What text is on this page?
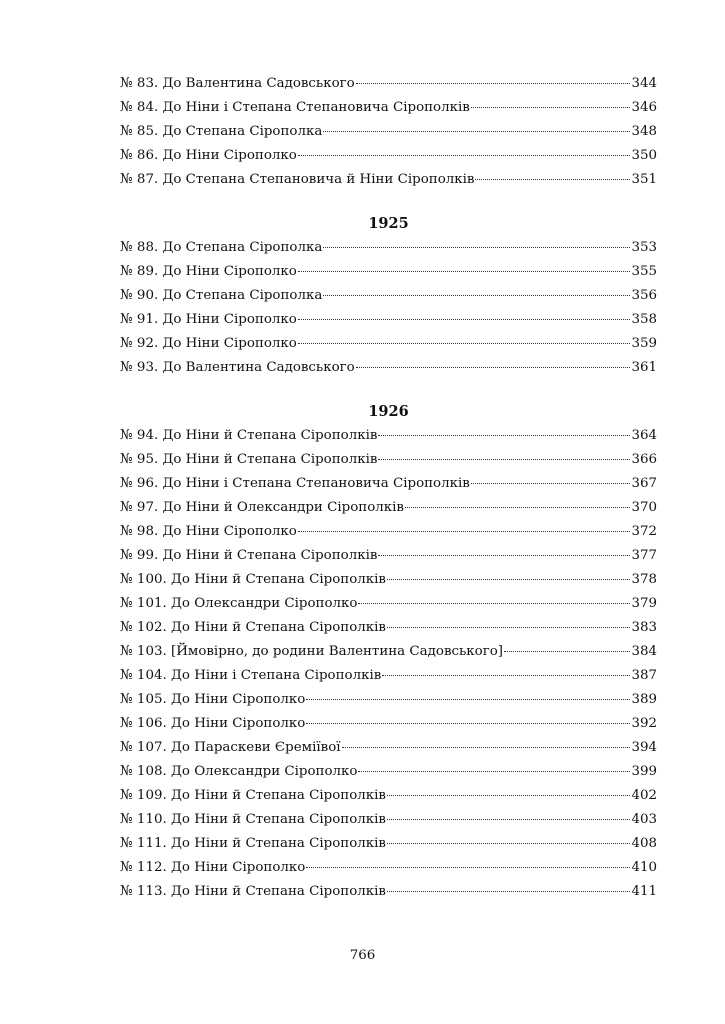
№ 83. До Валентина Садовського	344
№ 84. До Ніни і Степана Степановича Сірополків	346
№ 85. До Степана Сірополка	348
№ 86. До Ніни Сірополко	350
№ 87. До Степана Степановича й Ніни Сірополків	351
1925
№ 88. До Степана Сірополка	353
№ 89. До Ніни Сірополко	355
№ 90. До Степана Сірополка	356
№ 91. До Ніни Сірополко	358
№ 92. До Ніни Сірополко	359
№ 93. До Валентина Садовського	361
1926
№ 94. До Ніни й Степана Сірополків	364
№ 95. До Ніни й Степана Сірополків	366
№ 96. До Ніни і Степана Степановича Сірополків	367
№ 97. До Ніни й Олександри Сірополків	370
№ 98. До Ніни Сірополко	372
№ 99. До Ніни й Степана Сірополків	377
№ 100. До Ніни й Степана Сірополків	378
№ 101. До Олександри Сірополко	379
№ 102. До Ніни й Степана Сірополків	383
№ 103. [Ймовірно, до родини Валентина Садовського]	384
№ 104. До Ніни і Степана Сірополків	387
№ 105. До Ніни Сірополко	389
№ 106. До Ніни Сірополко	392
№ 107. До Параскеви Єреміївої	394
№ 108. До Олександри Сірополко	399
№ 109. До Ніни й Степана Сірополків	402
№ 110. До Ніни й Степана Сірополків	403
№ 111. До Ніни й Степана Сірополків	408
№ 112. До Ніни Сірополко	410
№ 113. До Ніни й Степана Сірополків	411
766
